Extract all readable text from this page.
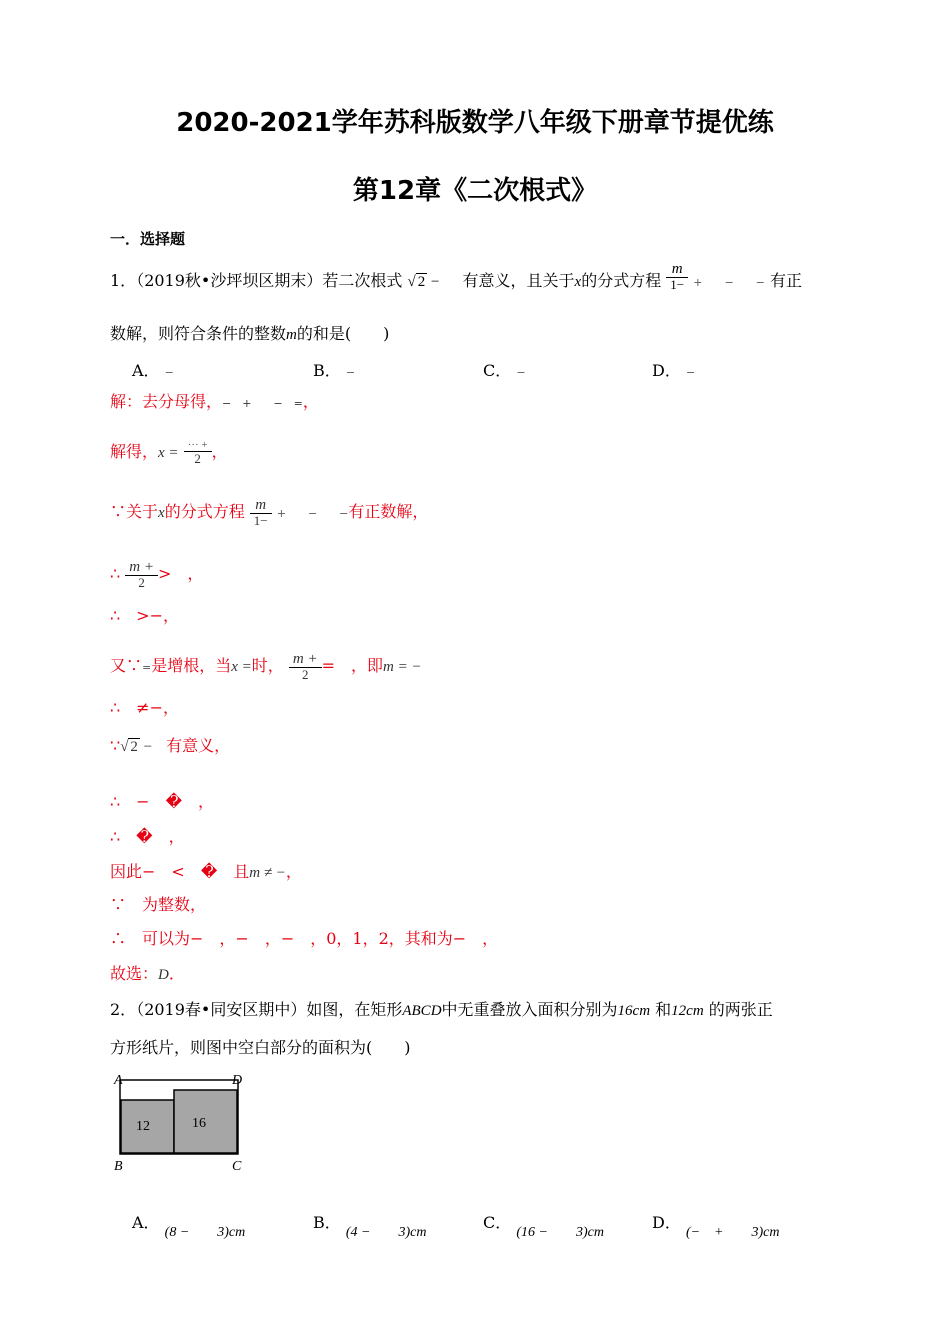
2020-2021学年苏科版数学八年级下册章节提优练
第12章《二次根式》
一．选择题
1．（2019秋•沙坪坝区期末）若二次根式 √ 2 − 有意义，且关于x的分式方程 $\frac{m}{1-}$ +　　−　　− 有正
数解，则符合条件的整数m的和是(　　)
A． −	B． −	C． −	D． −
解：去分母得，−　+　　−　=，
解得，$x = \frac{\cdot\cdot\cdot +}{2}$ ，
∵关于x的分式方程 $\frac{m}{1-}$ +　　−　　−有正数解，
∴ $\frac{m +}{2}$ >　，
∴　>−，
又∵=是增根，当x =时， $\frac{m +}{2}$ =　，即m = −
∴　≠−，
∵√ 2 − 有意义，
∴　−　�　，
∴　�　，
因此−　<　�　且m ≠ −，
∵　为整数，
∴　可以为−　，−　，−　，0，1，2，其和为−　，
故选：D．
2．（2019春•同安区期中）如图，在矩形ABCD中无重叠放入面积分别为16cm 和12cm 的两张正
方形纸片，则图中空白部分的面积为(　　)
A	D
B	C
12	16
A． (8 −　　3)cm
B． (4 −　　3)cm
C． (16 −　　3)cm
D． (−　+　　3)cm
